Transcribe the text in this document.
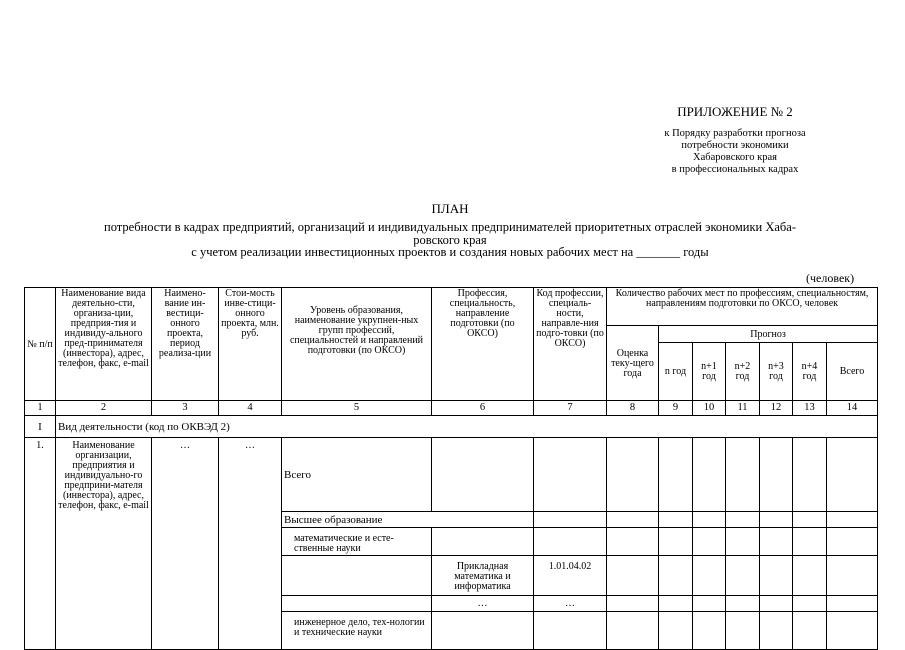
ПРИЛОЖЕНИЕ № 2
к Порядку разработки прогноза
потребности экономики
Хабаровского края
в профессиональных кадрах
ПЛАН
потребности в кадрах предприятий, организаций и индивидуальных предпринимателей приоритетных отраслей экономики Хаба-
ровского края
с учетом реализации инвестиционных проектов и создания новых рабочих мест на _______ годы
(человек)
№ п/п	Наименование вида деятельно-сти, организа-ции, предприя-тия и индивиду-ального пред-принимателя (инвестора), адрес, телефон, факс, e-mail	Наимено-вание ин-вестици-онного проекта, период реализа-ции	Стои-мость инве-стици-онного проекта, млн. руб.	Уровень образования, наименование укрупнен-ных групп профессий, специальностей и направлений подготовки (по ОКСО)	Профессия, специальность, направление подготовки (по ОКСО)	Код профессии, специаль-ности, направле-ния подго-товки (по ОКСО)	Количество рабочих мест по профессиям, специальностям, направлениям подготовки по ОКСО, человек						
							Оценка теку-щего года	Прогноз					
								n год	n+1 год	n+2 год	n+3 год	n+4 год	Всего
1	2	3	4	5	6	7	8	9	10	11	12	13	14
I	Вид деятельности (код по ОКВЭД 2)												
1.	Наименование организации, предприятия и индивидуально-го предприни-мателя (инвестора), адрес, телефон, факс, e-mail	…	…	Всего									
				Высшее образование									
				математические и есте-ственные науки									
					Прикладная математика и информатика	1.01.04.02							
					…	…							
				инженерное дело, тех-нологии и технические науки									
